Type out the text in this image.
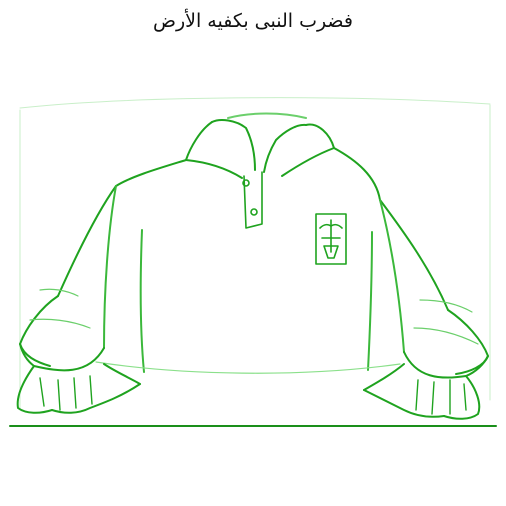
فضرب النبى بكفيه الأرض
